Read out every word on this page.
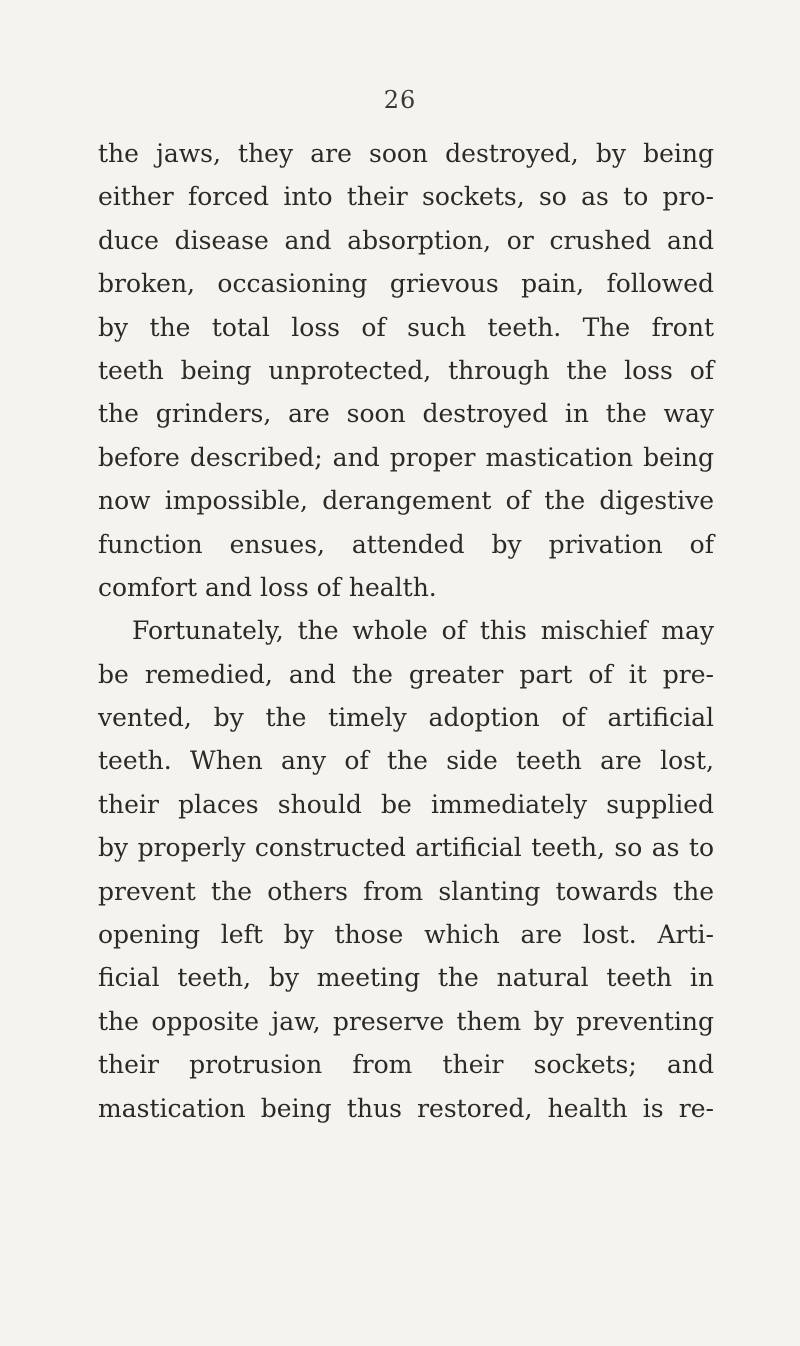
26
the jaws, they are soon destroyed, by being
either forced into their sockets, so as to pro-
duce disease and absorption, or crushed and
broken, occasioning grievous pain, followed
by the total loss of such teeth. The front
teeth being unprotected, through the loss of
the grinders, are soon destroyed in the way
before described; and proper mastication being
now impossible, derangement of the digestive
function ensues, attended by privation of
comfort and loss of health.
Fortunately, the whole of this mischief may
be remedied, and the greater part of it pre-
vented, by the timely adoption of artificial
teeth. When any of the side teeth are lost,
their places should be immediately supplied
by properly constructed artificial teeth, so as to
prevent the others from slanting towards the
opening left by those which are lost. Arti-
ficial teeth, by meeting the natural teeth in
the opposite jaw, preserve them by preventing
their protrusion from their sockets; and
mastication being thus restored, health is re-
